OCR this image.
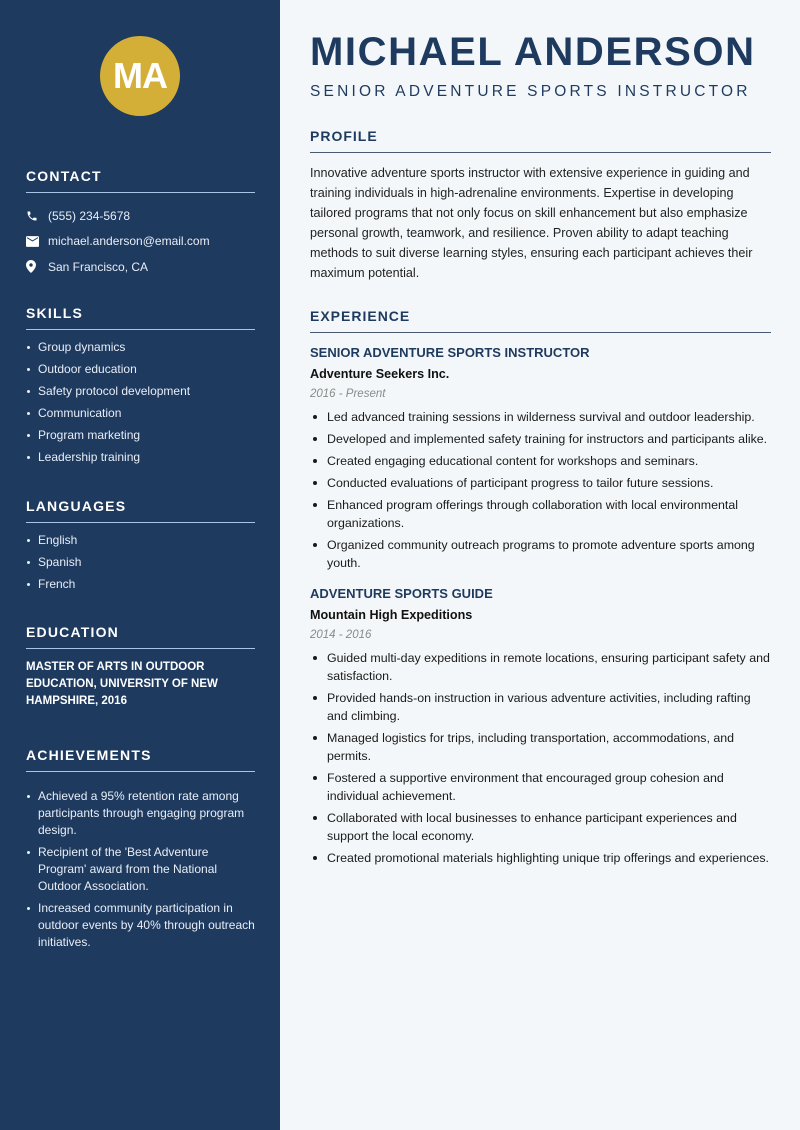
MA
CONTACT
(555) 234-5678
michael.anderson@email.com
San Francisco, CA
SKILLS
Group dynamics
Outdoor education
Safety protocol development
Communication
Program marketing
Leadership training
LANGUAGES
English
Spanish
French
EDUCATION

MASTER OF ARTS IN OUTDOOR EDUCATION, UNIVERSITY OF NEW HAMPSHIRE, 2016

ACHIEVEMENTS
Achieved a 95% retention rate among participants through engaging program design.
Recipient of the 'Best Adventure Program' award from the National Outdoor Association.
Increased community participation in outdoor events by 40% through outreach initiatives.
MICHAEL ANDERSON
SENIOR ADVENTURE SPORTS INSTRUCTOR
PROFILE

Innovative adventure sports instructor with extensive experience in guiding and training individuals in high-adrenaline environments. Expertise in developing tailored programs that not only focus on skill enhancement but also emphasize personal growth, teamwork, and resilience. Proven ability to adapt teaching methods to suit diverse learning styles, ensuring each participant achieves their maximum potential.

EXPERIENCE
SENIOR ADVENTURE SPORTS INSTRUCTOR
Adventure Seekers Inc.
2016 - Present
Led advanced training sessions in wilderness survival and outdoor leadership.
Developed and implemented safety training for instructors and participants alike.
Created engaging educational content for workshops and seminars.
Conducted evaluations of participant progress to tailor future sessions.
Enhanced program offerings through collaboration with local environmental organizations.
Organized community outreach programs to promote adventure sports among youth.
ADVENTURE SPORTS GUIDE
Mountain High Expeditions
2014 - 2016
Guided multi-day expeditions in remote locations, ensuring participant safety and satisfaction.
Provided hands-on instruction in various adventure activities, including rafting and climbing.
Managed logistics for trips, including transportation, accommodations, and permits.
Fostered a supportive environment that encouraged group cohesion and individual achievement.
Collaborated with local businesses to enhance participant experiences and support the local economy.
Created promotional materials highlighting unique trip offerings and experiences.
